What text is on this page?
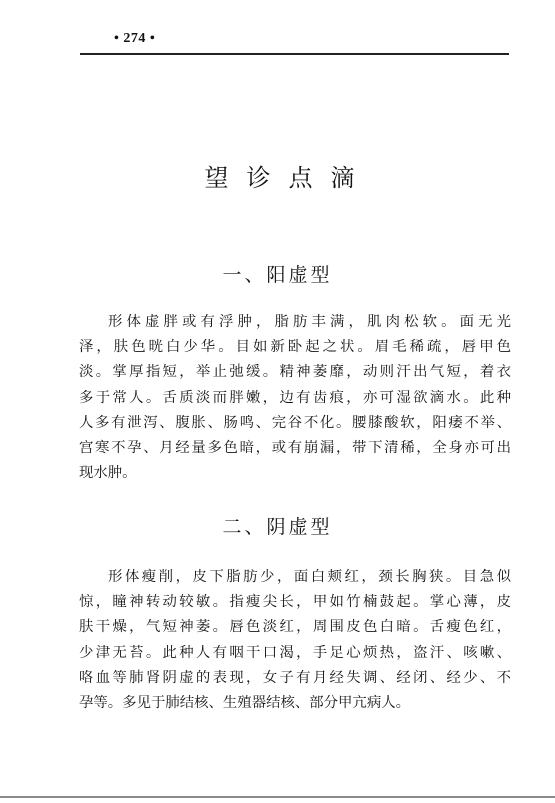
• 274 •
望诊点滴
一、阳虚型
形体虚胖或有浮肿，脂肪丰满，肌肉松软。面无光
泽，肤色晄白少华。目如新卧起之状。眉毛稀疏，唇甲色
淡。掌厚指短，举止弛缓。精神萎靡，动则汗出气短，着衣
多于常人。舌质淡而胖嫩，边有齿痕，亦可湿欲滴水。此种
人多有泄泻、腹胀、肠鸣、完谷不化。腰膝酸软，阳痿不举、
宫寒不孕、月经量多色暗，或有崩漏，带下清稀，全身亦可出
现水肿。
二、阴虚型
形体瘦削，皮下脂肪少，面白颊红，颈长胸狭。目急似
惊，瞳神转动较敏。指瘦尖长，甲如竹楠鼓起。掌心薄，皮
肤干燥，气短神萎。唇色淡红，周围皮色白暗。舌瘦色红，
少津无苔。此种人有咽干口渴，手足心烦热，盗汗、咳嗽、
咯血等肺肾阴虚的表现，女子有月经失调、经闭、经少、不
孕等。多见于肺结核、生殖器结核、部分甲亢病人。
